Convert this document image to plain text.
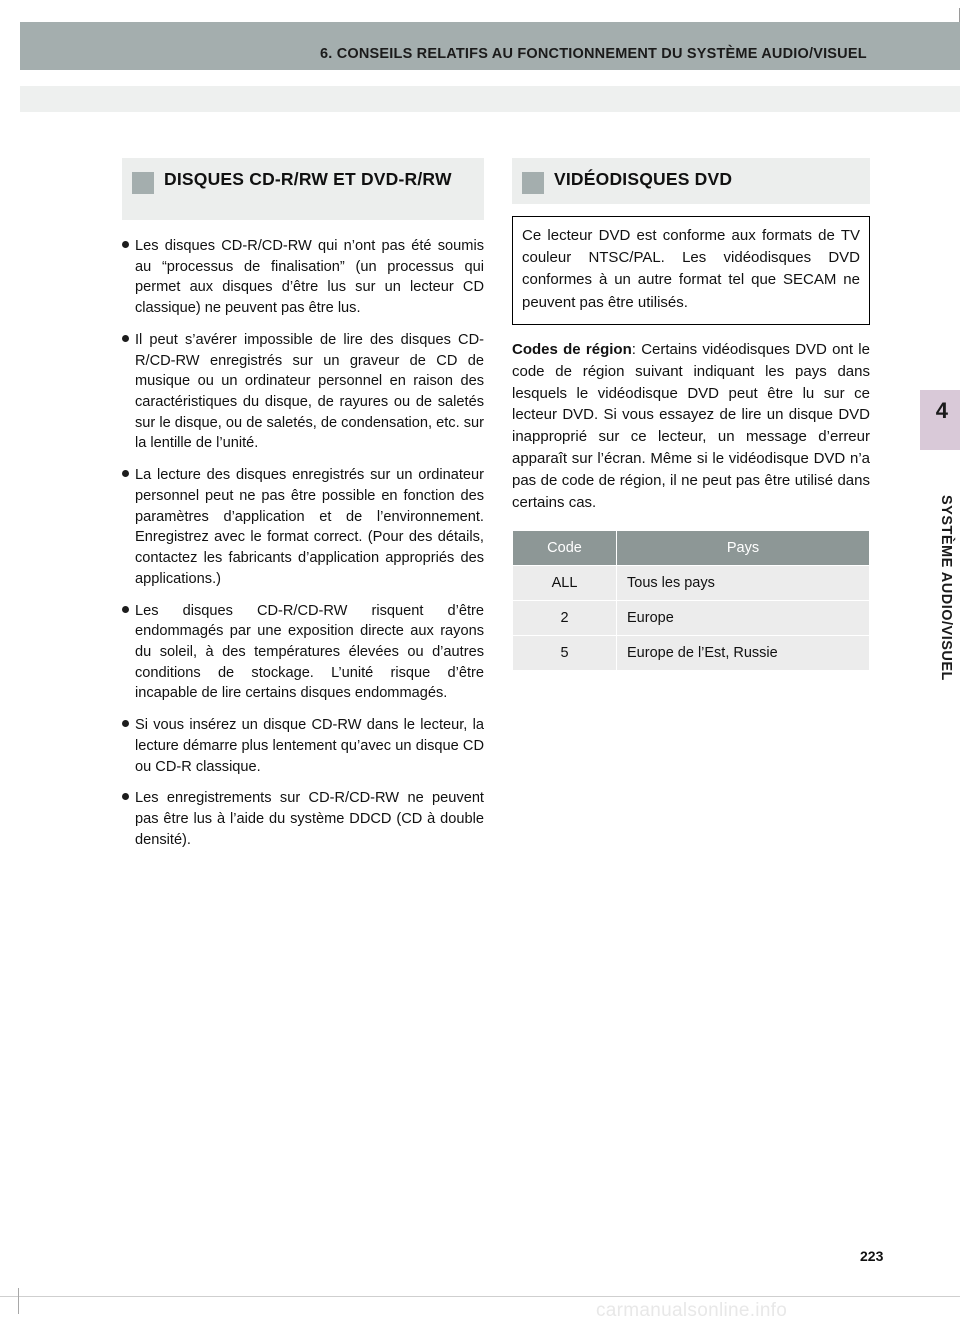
6. CONSEILS RELATIFS AU FONCTIONNEMENT DU SYSTÈME AUDIO/VISUEL
4
SYSTÈME AUDIO/VISUEL
DISQUES CD-R/RW ET DVD-R/RW
Les disques CD-R/CD-RW qui n’ont pas été soumis au “processus de finalisation” (un processus qui permet aux disques d’être lus sur un lecteur CD classique) ne peuvent pas être lus.
Il peut s’avérer impossible de lire des disques CD-R/CD-RW enregistrés sur un graveur de CD de musique ou un ordinateur personnel en raison des caractéristiques du disque, de rayures ou de saletés sur le disque, ou de saletés, de condensation, etc. sur la lentille de l’unité.
La lecture des disques enregistrés sur un ordinateur personnel peut ne pas être possible en fonction des paramètres d’application et de l’environnement. Enregistrez avec le format correct. (Pour des détails, contactez les fabricants d’application appropriés des applications.)
Les disques CD-R/CD-RW risquent d’être endommagés par une exposition directe aux rayons du soleil, à des températures élevées ou d’autres conditions de stockage. L’unité risque d’être incapable de lire certains disques endommagés.
Si vous insérez un disque CD-RW dans le lecteur, la lecture démarre plus lentement qu’avec un disque CD ou CD-R classique.
Les enregistrements sur CD-R/CD-RW ne peuvent pas être lus à l’aide du système DDCD (CD à double densité).
VIDÉODISQUES DVD

Ce lecteur DVD est conforme aux formats de TV couleur NTSC/PAL. Les vidéodisques DVD conformes à un autre format tel que SECAM ne peuvent pas être utilisés.

Codes de région: Certains vidéodisques DVD ont le code de région suivant indiquant les pays dans lesquels le vidéodisque DVD peut être lu sur ce lecteur DVD. Si vous essayez de lire un disque DVD inapproprié sur ce lecteur, un message d’erreur apparaît sur l’écran. Même si le vidéodisque DVD n’a pas de code de région, il ne peut pas être utilisé dans certains cas.
Code	Pays
ALL	Tous les pays
2	Europe
5	Europe de l’Est, Russie
223
carmanualsonline.info
